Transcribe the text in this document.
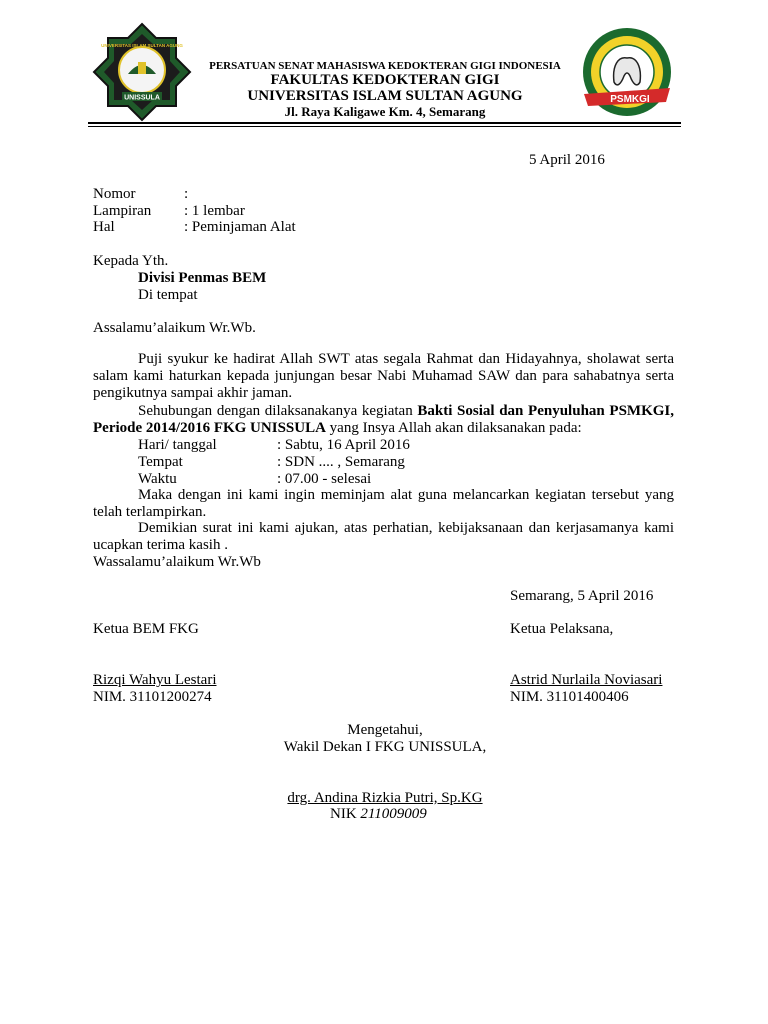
UNISSULA
UNIVERSITAS ISLAM SULTAN AGUNG
PERSATUAN SENAT MAHASISWA KEDOKTERAN GIGI INDONESIA
FAKULTAS KEDOKTERAN GIGI
UNIVERSITAS ISLAM SULTAN AGUNG
Jl. Raya Kaligawe Km. 4, Semarang
PSMKGI
5 April 2016
Nomor	:
Lampiran : 1 lembar
Hal	: Peminjaman Alat
Kepada Yth.
Divisi Penmas BEM
Di tempat
Assalamu’alaikum Wr.Wb.
Puji syukur ke hadirat Allah SWT atas segala Rahmat dan Hidayahnya, sholawat serta salam kami haturkan kepada junjungan besar Nabi Muhamad SAW dan para sahabatnya serta pengikutnya sampai akhir jaman.
Sehubungan dengan dilaksanakanya kegiatan Bakti Sosial dan Penyuluhan PSMKGI, Periode 2014/2016 FKG UNISSULA yang Insya Allah akan dilaksanakan pada:
Hari/ tanggal	: Sabtu, 16 April 2016
Tempat	: SDN .... , Semarang
Waktu	: 07.00 - selesai
Maka dengan ini kami ingin meminjam alat guna melancarkan kegiatan tersebut yang telah terlampirkan.
Demikian surat ini kami ajukan, atas perhatian, kebijaksanaan dan kerjasamanya kami ucapkan terima kasih .
Wassalamu’alaikum Wr.Wb
Semarang, 5 April 2016
Ketua BEM FKG	Ketua Pelaksana,
Rizqi Wahyu Lestari	Astrid Nurlaila Noviasari
NIM. 31101200274	NIM. 31101400406
Mengetahui,
Wakil Dekan I FKG UNISSULA,
drg. Andina Rizkia Putri, Sp.KG
NIK 211009009
